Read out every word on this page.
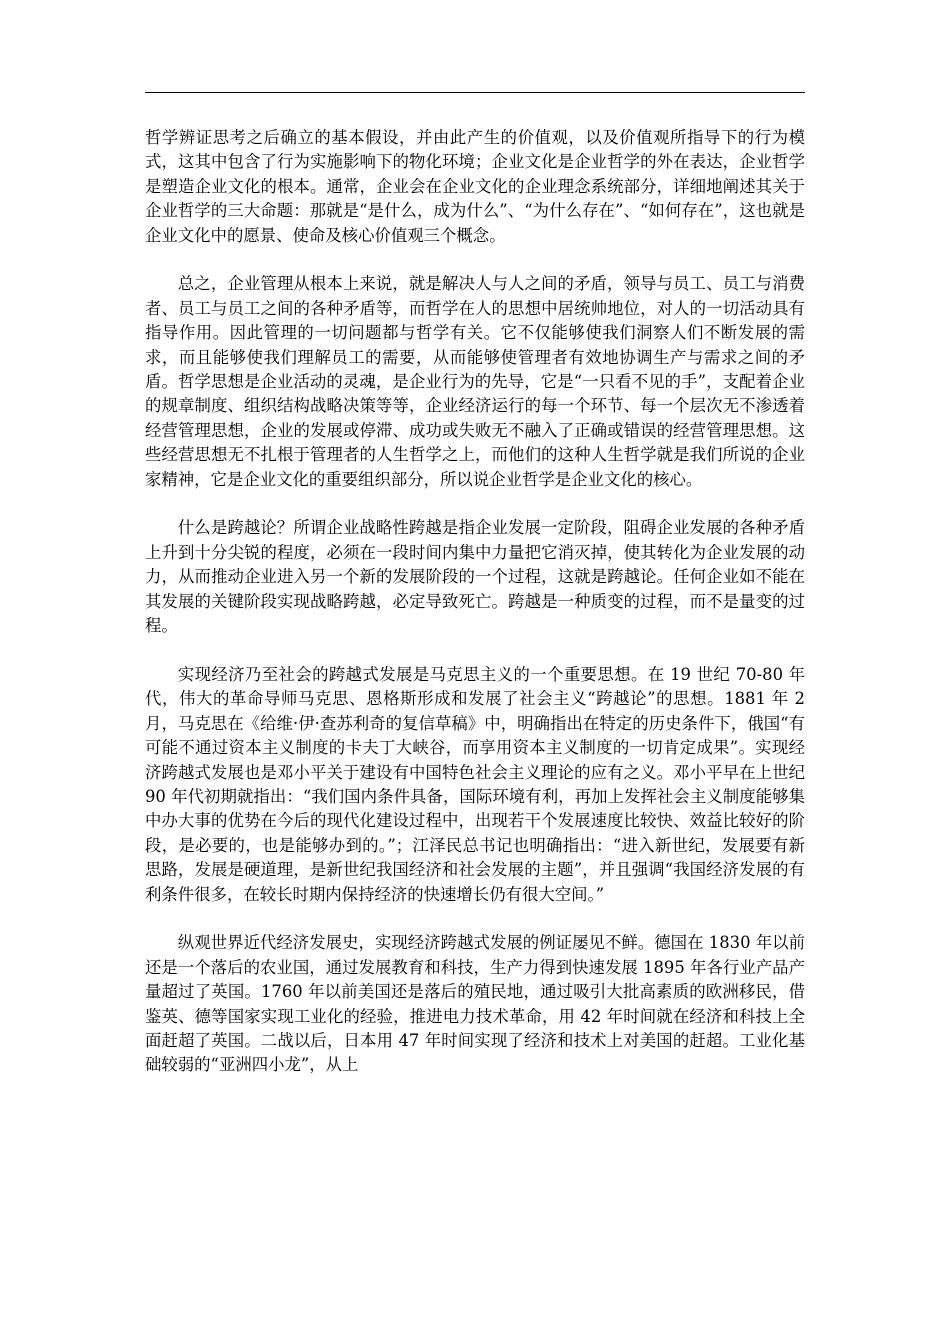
哲学辨证思考之后确立的基本假设，并由此产生的价值观，以及价值观所指导下的行为模式，这其中包含了行为实施影响下的物化环境；企业文化是企业哲学的外在表达，企业哲学是塑造企业文化的根本。通常，企业会在企业文化的企业理念系统部分，详细地阐述其关于企业哲学的三大命题：那就是“是什么，成为什么”、“为什么存在”、“如何存在”，这也就是企业文化中的愿景、使命及核心价值观三个概念。

总之，企业管理从根本上来说，就是解决人与人之间的矛盾，领导与员工、员工与消费者、员工与员工之间的各种矛盾等，而哲学在人的思想中居统帅地位，对人的一切活动具有指导作用。因此管理的一切问题都与哲学有关。它不仅能够使我们洞察人们不断发展的需求，而且能够使我们理解员工的需要，从而能够使管理者有效地协调生产与需求之间的矛盾。哲学思想是企业活动的灵魂，是企业行为的先导，它是“一只看不见的手”，支配着企业的规章制度、组织结构战略决策等等，企业经济运行的每一个环节、每一个层次无不渗透着经营管理思想，企业的发展或停滞、成功或失败无不融入了正确或错误的经营管理思想。这些经营思想无不扎根于管理者的人生哲学之上，而他们的这种人生哲学就是我们所说的企业家精神，它是企业文化的重要组织部分，所以说企业哲学是企业文化的核心。

什么是跨越论？所谓企业战略性跨越是指企业发展一定阶段，阻碍企业发展的各种矛盾上升到十分尖锐的程度，必须在一段时间内集中力量把它消灭掉，使其转化为企业发展的动力，从而推动企业进入另一个新的发展阶段的一个过程，这就是跨越论。任何企业如不能在其发展的关键阶段实现战略跨越，必定导致死亡。跨越是一种质变的过程，而不是量变的过程。

实现经济乃至社会的跨越式发展是马克思主义的一个重要思想。在 19 世纪 70-80 年代，伟大的革命导师马克思、恩格斯形成和发展了社会主义“跨越论”的思想。1881 年 2 月，马克思在《给维·伊·查苏利奇的复信草稿》中，明确指出在特定的历史条件下，俄国“有可能不通过资本主义制度的卡夫丁大峡谷，而享用资本主义制度的一切肯定成果”。实现经济跨越式发展也是邓小平关于建设有中国特色社会主义理论的应有之义。邓小平早在上世纪 90 年代初期就指出：“我们国内条件具备，国际环境有利，再加上发挥社会主义制度能够集中办大事的优势在今后的现代化建设过程中，出现若干个发展速度比较快、效益比较好的阶段，是必要的，也是能够办到的。”；江泽民总书记也明确指出：“进入新世纪，发展要有新思路，发展是硬道理，是新世纪我国经济和社会发展的主题”，并且强调“我国经济发展的有利条件很多，在较长时期内保持经济的快速增长仍有很大空间。”

纵观世界近代经济发展史，实现经济跨越式发展的例证屡见不鲜。德国在 1830 年以前还是一个落后的农业国，通过发展教育和科技，生产力得到快速发展 1895 年各行业产品产量超过了英国。1760 年以前美国还是落后的殖民地，通过吸引大批高素质的欧洲移民，借鉴英、德等国家实现工业化的经验，推进电力技术革命，用 42 年时间就在经济和科技上全面赶超了英国。二战以后，日本用 47 年时间实现了经济和技术上对美国的赶超。工业化基础较弱的“亚洲四小龙”，从上
